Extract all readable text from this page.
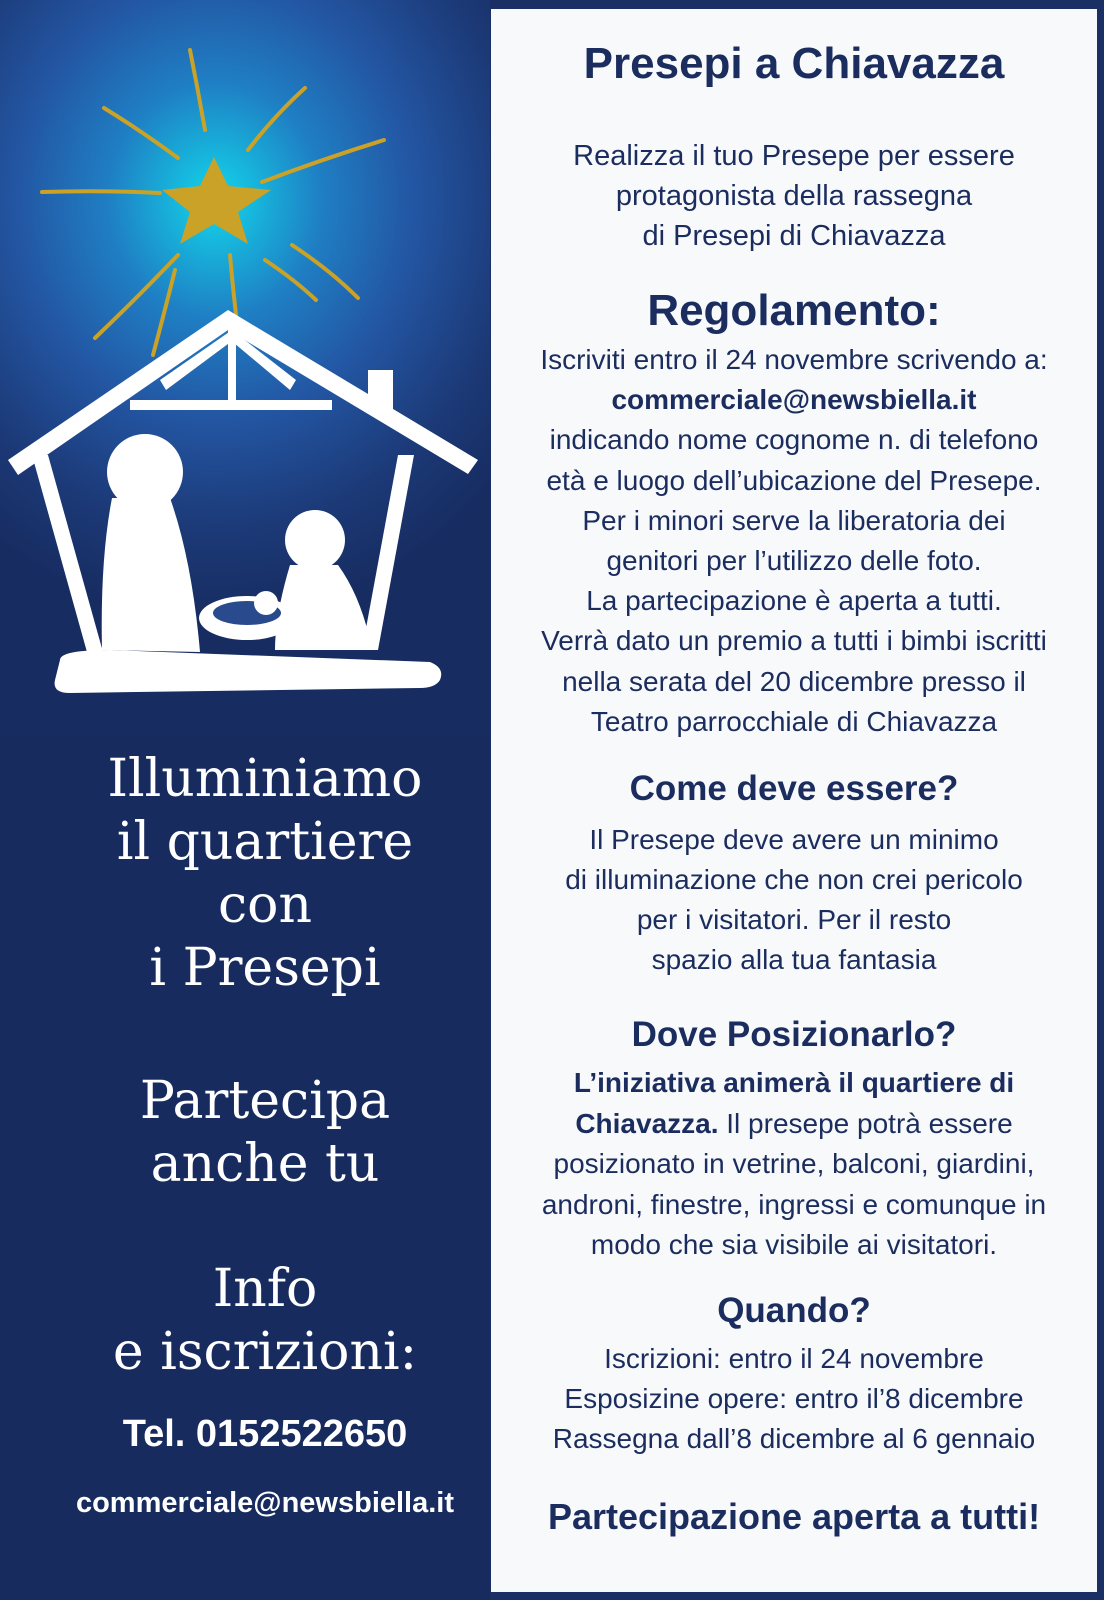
Illuminiamo
il quartiere
con
i Presepi
Partecipa
anche tu
Info
e iscrizioni:
Tel. 0152522650
commerciale@newsbiella.it
Presepi a Chiavazza
Realizza il tuo Presepe per essere
protagonista della rassegna
di Presepi di Chiavazza
Regolamento:
Iscriviti entro il 24 novembre scrivendo a:
commerciale@newsbiella.it
indicando nome cognome n. di telefono
età e luogo dell’ubicazione del Presepe.
Per i minori serve la liberatoria dei
genitori per l’utilizzo delle foto.
La partecipazione è aperta a tutti.
Verrà dato un premio a tutti i bimbi iscritti
nella serata del 20 dicembre presso il
Teatro parrocchiale di Chiavazza
Come deve essere?
Il Presepe deve avere un minimo
di illuminazione che non crei pericolo
per i visitatori. Per il resto
spazio alla tua fantasia
Dove Posizionarlo?
L’iniziativa animerà il quartiere di
Chiavazza. Il presepe potrà essere
posizionato in vetrine, balconi, giardini,
androni, finestre, ingressi e comunque in
modo che sia visibile ai visitatori.
Quando?
Iscrizioni: entro il 24 novembre
Esposizine opere: entro il’8 dicembre
Rassegna dall’8 dicembre al 6 gennaio
Partecipazione aperta a tutti!
